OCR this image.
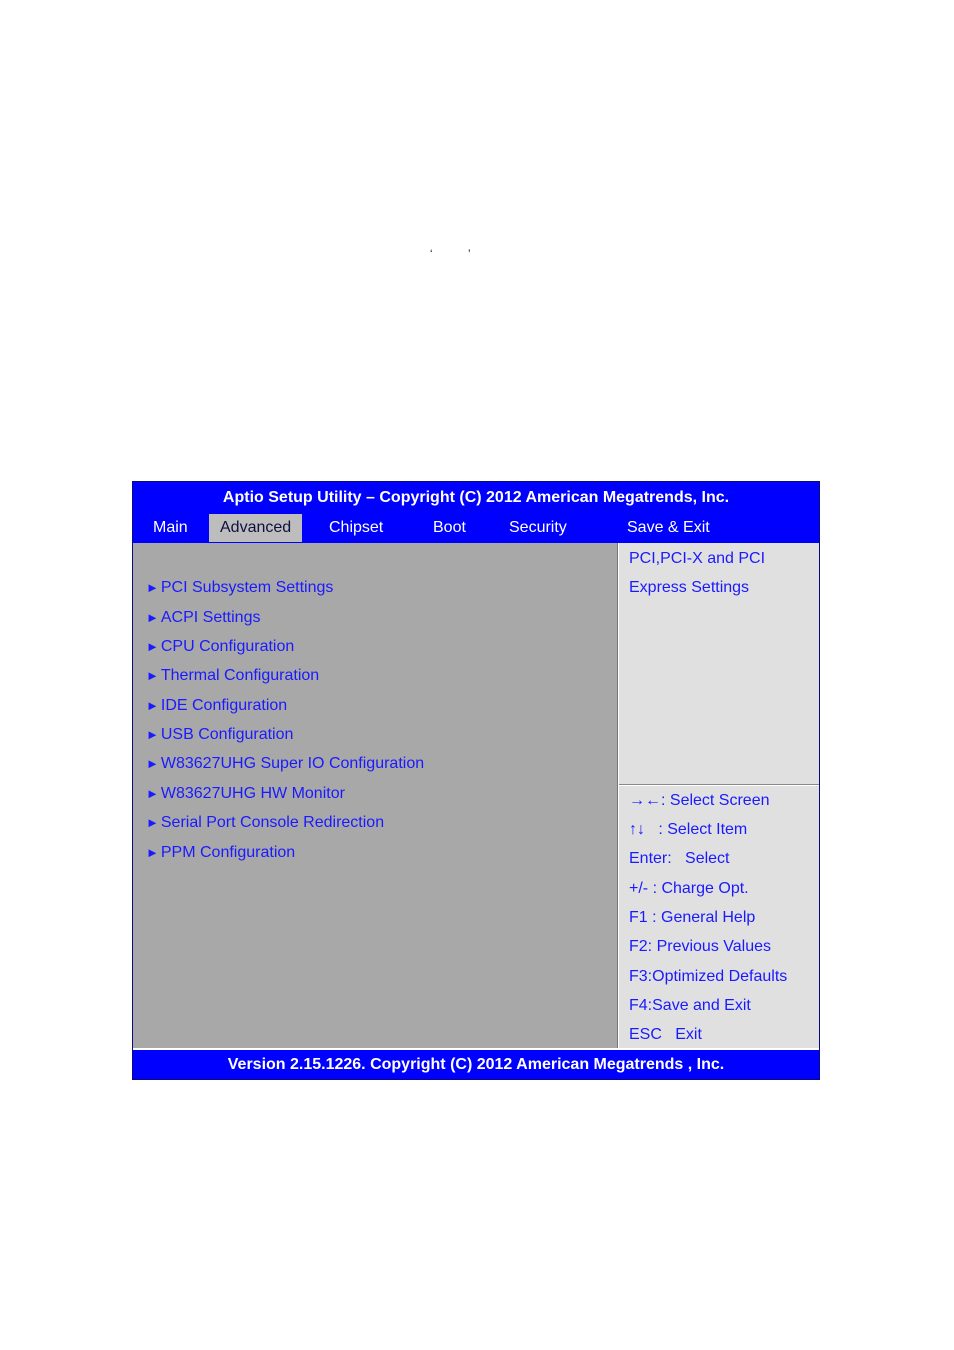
‘	’
Aptio Setup Utility – Copyright (C) 2012 American Megatrends, Inc.
Main	Advanced	Chipset	Boot	Security	Save & Exit
► PCI Subsystem Settings
► ACPI Settings
► CPU Configuration
► Thermal Configuration
► IDE Configuration
► USB Configuration
► W83627UHG Super IO Configuration
► W83627UHG HW Monitor
► Serial Port Console Redirection
► PPM Configuration
PCI,PCI-X and PCI
Express Settings
→←: Select Screen
↑↓   : Select Item
Enter:   Select
+/- : Charge Opt.
F1 : General Help
F2: Previous Values
F3:Optimized Defaults
F4:Save and Exit
ESC   Exit
Version 2.15.1226. Copyright (C) 2012 American Megatrends , Inc.
